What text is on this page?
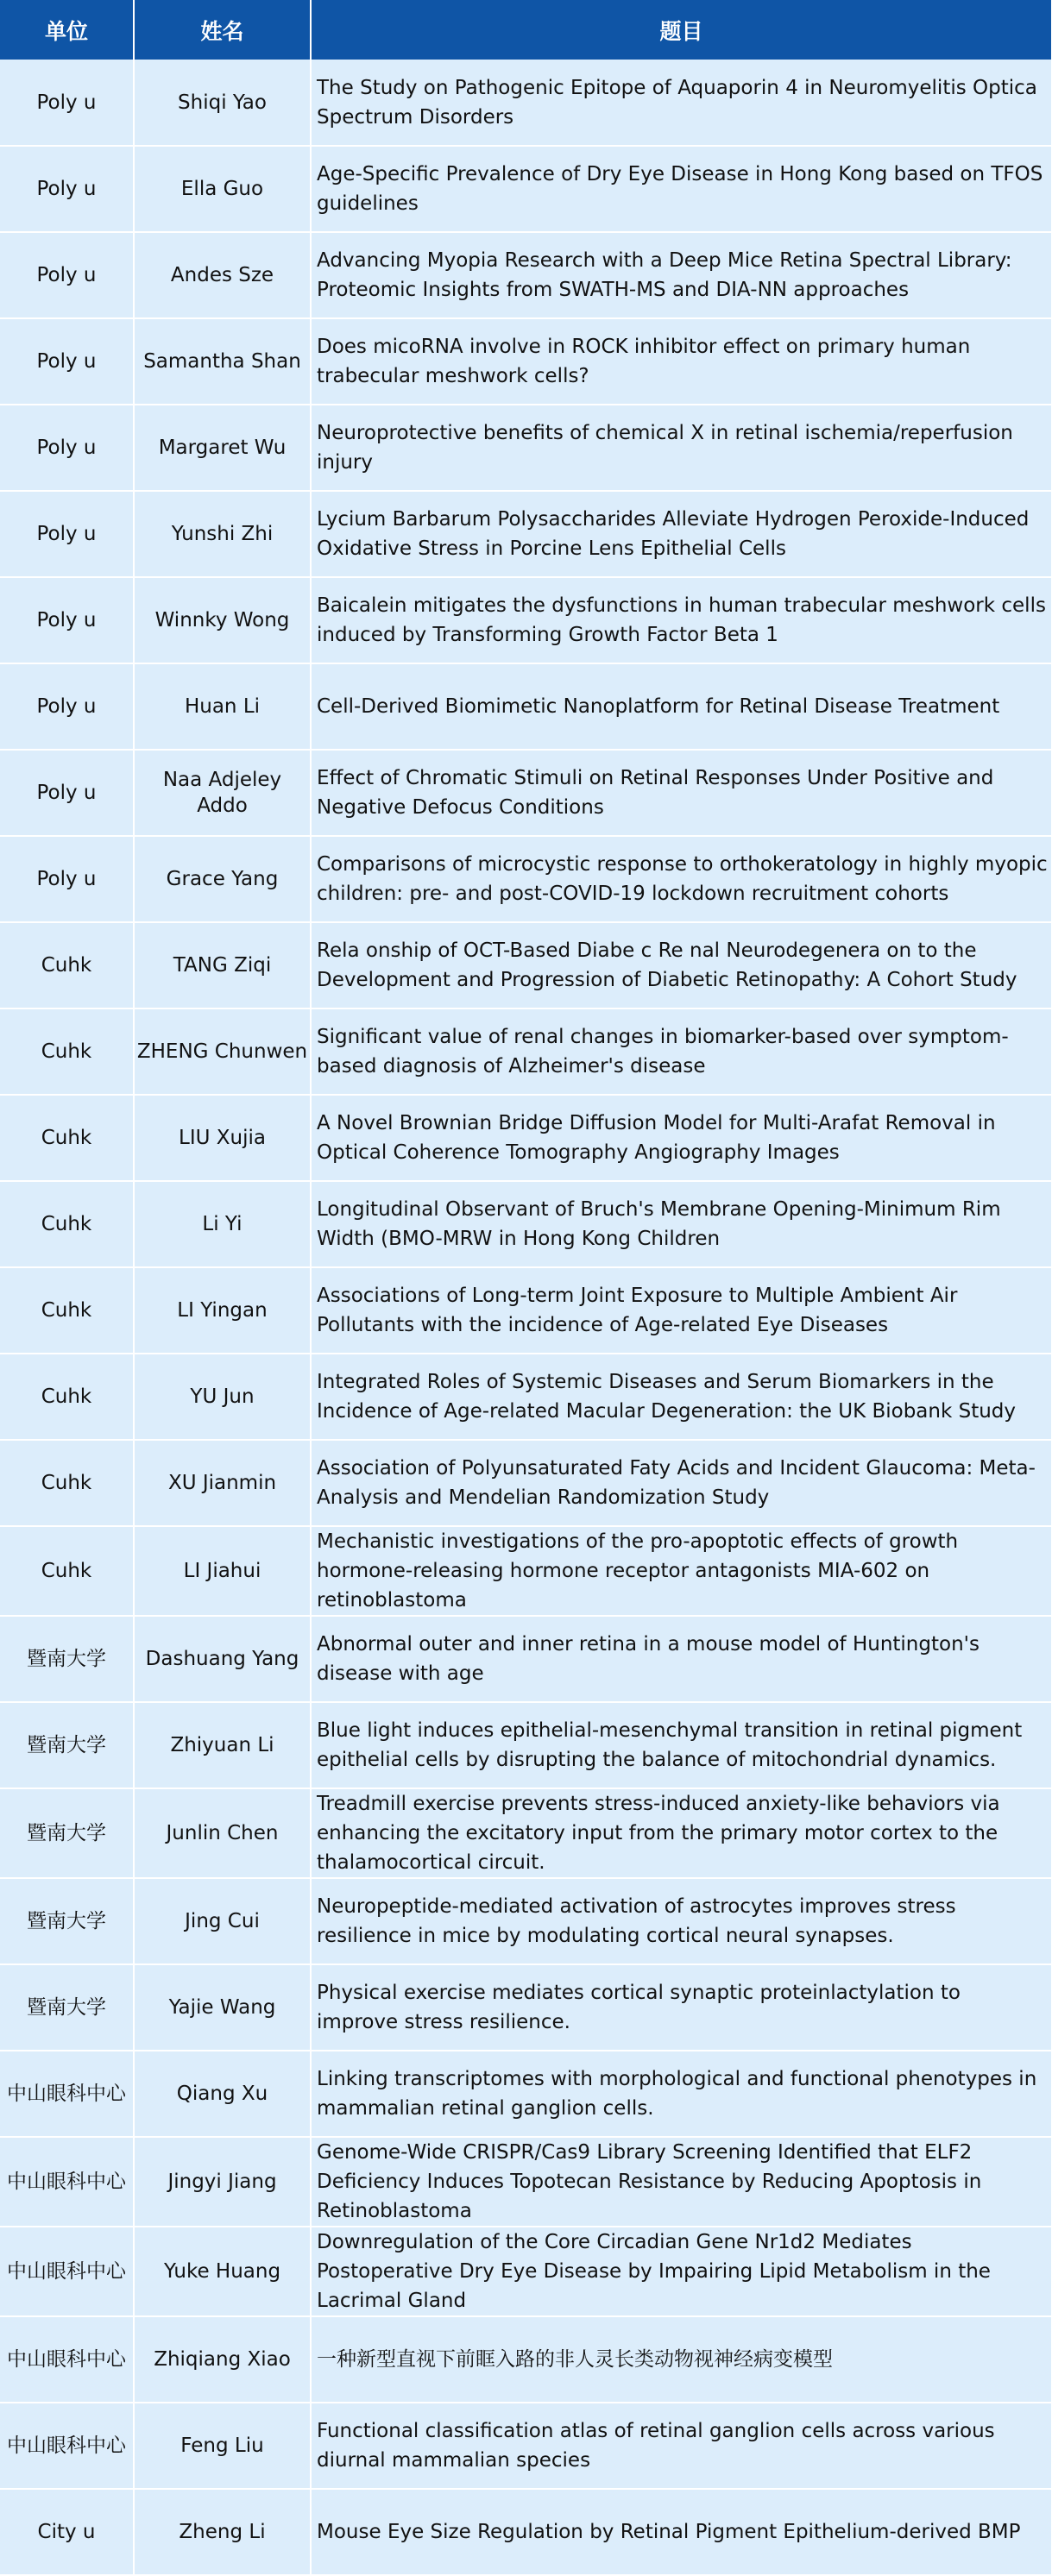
单位	姓名	题目
Poly u	Shiqi Yao	The Study on Pathogenic Epitope of Aquaporin 4 in Neuromyelitis Optica Spectrum Disorders
Poly u	Ella Guo	Age-Specific Prevalence of Dry Eye Disease in Hong Kong based on TFOS guidelines
Poly u	Andes Sze	Advancing Myopia Research with a Deep Mice Retina Spectral Library: Proteomic Insights from SWATH-MS and DIA-NN approaches
Poly u	Samantha Shan	Does micoRNA involve in ROCK inhibitor effect on primary human trabecular meshwork cells?
Poly u	Margaret Wu	Neuroprotective benefits of chemical X in retinal ischemia/reperfusion injury
Poly u	Yunshi Zhi	Lycium Barbarum Polysaccharides Alleviate Hydrogen Peroxide-Induced Oxidative Stress in Porcine Lens Epithelial Cells
Poly u	Winnky Wong	Baicalein mitigates the dysfunctions in human trabecular meshwork cells induced by Transforming Growth Factor Beta 1
Poly u	Huan Li	Cell-Derived Biomimetic Nanoplatform for Retinal Disease Treatment
Poly u	Naa Adjeley Addo	Effect of Chromatic Stimuli on Retinal Responses Under Positive and Negative Defocus Conditions
Poly u	Grace Yang	Comparisons of microcystic response to orthokeratology in highly myopic children: pre- and post-COVID-19 lockdown recruitment cohorts
Cuhk	TANG Ziqi	Rela onship of OCT-Based Diabe c Re nal Neurodegenera on to the Development and Progression of Diabetic Retinopathy: A Cohort Study
Cuhk	ZHENG Chunwen	Significant value of renal changes in biomarker-based over symptom-based diagnosis of Alzheimer's disease
Cuhk	LIU Xujia	A Novel Brownian Bridge Diffusion Model for Multi-Arafat Removal in Optical Coherence Tomography Angiography Images
Cuhk	Li Yi	Longitudinal Observant of Bruch's Membrane Opening-Minimum Rim Width (BMO-MRW in Hong Kong Children
Cuhk	LI Yingan	Associations of Long-term Joint Exposure to Multiple Ambient Air Pollutants with the incidence of Age-related Eye Diseases
Cuhk	YU Jun	Integrated Roles of Systemic Diseases and Serum Biomarkers in the Incidence of Age-related Macular Degeneration: the UK Biobank Study
Cuhk	XU Jianmin	Association of Polyunsaturated Faty Acids and Incident Glaucoma: Meta-Analysis and Mendelian Randomization Study
Cuhk	LI Jiahui	Mechanistic investigations of the pro-apoptotic effects of growth hormone-releasing hormone receptor antagonists MIA-602 on retinoblastoma
暨南大学	Dashuang Yang	Abnormal outer and inner retina in a mouse model of Huntington's disease with age
暨南大学	Zhiyuan Li	Blue light induces epithelial-mesenchymal transition in retinal pigment epithelial cells by disrupting the balance of mitochondrial dynamics.
暨南大学	Junlin Chen	Treadmill exercise prevents stress-induced anxiety-like behaviors via enhancing the excitatory input from the primary motor cortex to the thalamocortical circuit.
暨南大学	Jing Cui	Neuropeptide-mediated activation of astrocytes improves stress resilience in mice by modulating cortical neural synapses.
暨南大学	Yajie Wang	Physical exercise mediates cortical synaptic proteinlactylation to improve stress resilience.
中山眼科中心	Qiang Xu	Linking transcriptomes with morphological and functional phenotypes in mammalian retinal ganglion cells.
中山眼科中心	Jingyi Jiang	Genome-Wide CRISPR/Cas9 Library Screening Identified that ELF2 Deficiency Induces Topotecan Resistance by Reducing Apoptosis in Retinoblastoma
中山眼科中心	Yuke Huang	Downregulation of the Core Circadian Gene Nr1d2 Mediates Postoperative Dry Eye Disease by Impairing Lipid Metabolism in the Lacrimal Gland
中山眼科中心	Zhiqiang Xiao	一种新型直视下前眶入路的非人灵长类动物视神经病变模型
中山眼科中心	Feng Liu	Functional classification atlas of retinal ganglion cells across various diurnal mammalian species
City u	Zheng Li	Mouse Eye Size Regulation by Retinal Pigment Epithelium-derived BMP
